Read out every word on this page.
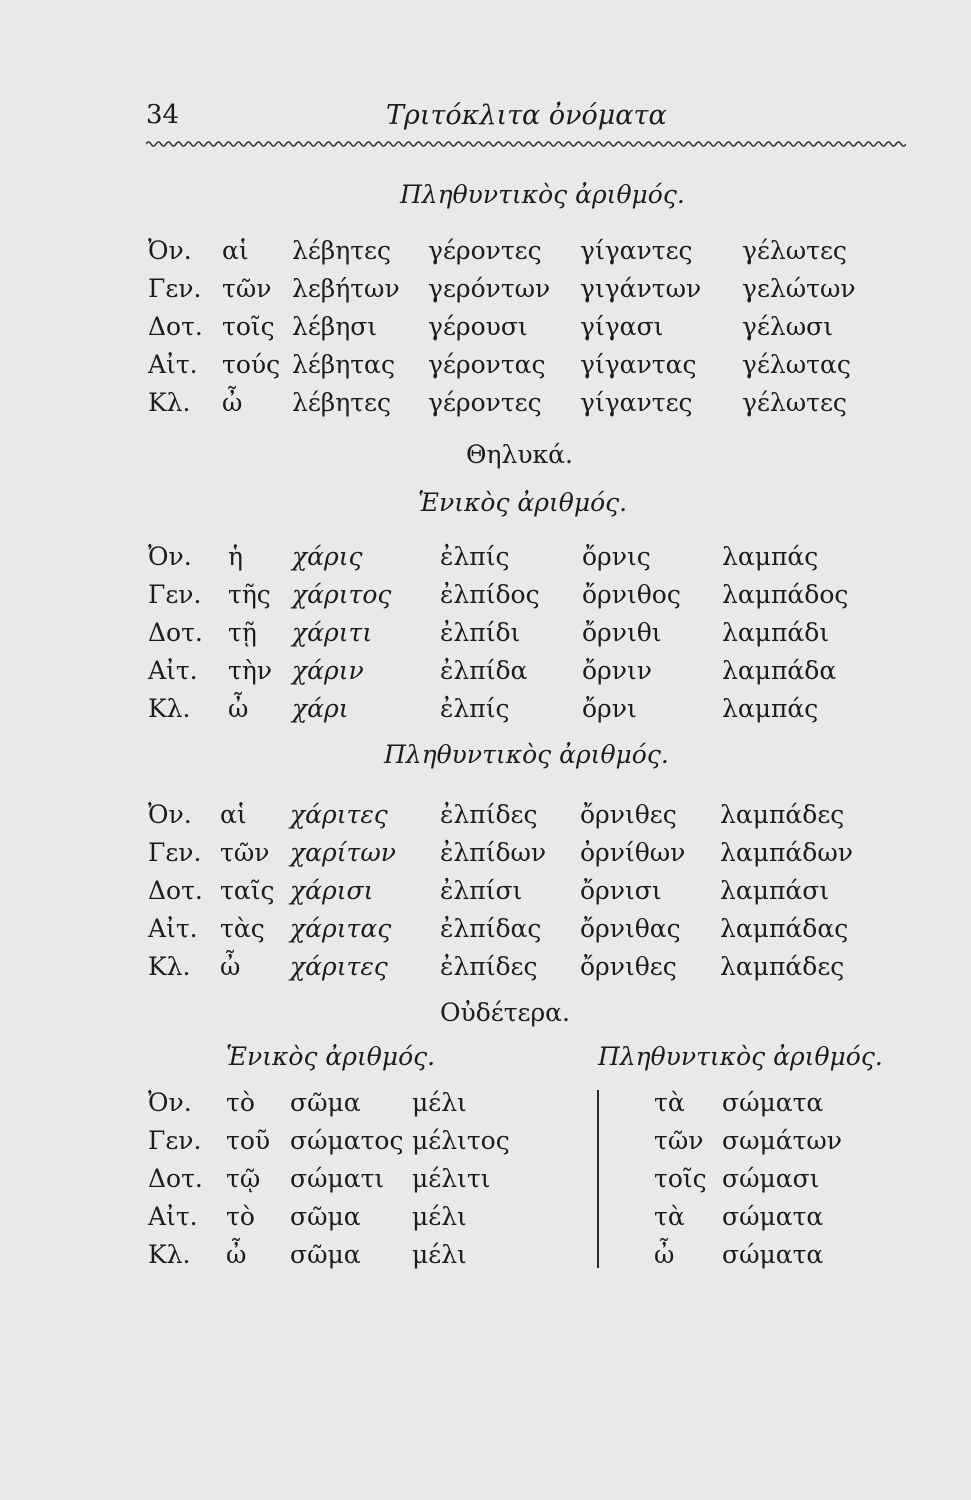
34	Τριτόκλιτα ὀνόματα
Πληθυντικὸς ἀριθμός.
Ὀν. αἱ λέβητες γέροντες γίγαντες γέλωτες
Γεν. τῶν λεβήτων γερόντων γιγάντων γελώτων
Δοτ. τοῖς λέβησι γέρουσι γίγασι	γέλωσι
Αἰτ. τούς λέβητας γέροντας γίγαντας γέλωτας
Κλ. ὦ λέβητες γέροντες γίγαντες γέλωτες
Θηλυκά.
Ἑνικὸς ἀριθμός.
Ὀν. ἡ χάρις	ἐλπίς	ὄρνις	λαμπάς
Γεν. τῆς χάριτος ἐλπίδος ὄρνιθος λαμπάδος
Δοτ. τῇ χάριτι	ἐλπίδι ὄρνιθι λαμπάδι
Αἰτ. τὴν χάριν	ἐλπίδα ὄρνιν	λαμπάδα
Κλ. ὦ χάρι	ἐλπίς	ὄρνι	λαμπάς
Πληθυντικὸς ἀριθμός.
Ὀν. αἱ χάριτες ἐλπίδες ὄρνιθες λαμπάδες
Γεν. τῶν χαρίτων ἐλπίδων ὀρνίθων λαμπάδων
Δοτ. ταῖς χάρισι	ἐλπίσι ὄρνισι λαμπάσι
Αἰτ. τὰς χάριτας ἐλπίδας ὄρνιθας λαμπάδας
Κλ. ὦ χάριτες ἐλπίδες ὄρνιθες λαμπάδες
Οὐδέτερα.
Ἑνικὸς ἀριθμός.	Πληθυντικὸς ἀριθμός.
Ὀν. τὸ σῶμα μέλι	τὰ σώματα
Γεν. τοῦ σώματος μέλιτος	τῶν σωμάτων
Δοτ. τῷ σώματι μέλιτι	τοῖς σώμασι
Αἰτ. τὸ σῶμα μέλι	τὰ σώματα
Κλ. ὦ σῶμα μέλι	ὦ σώματα
